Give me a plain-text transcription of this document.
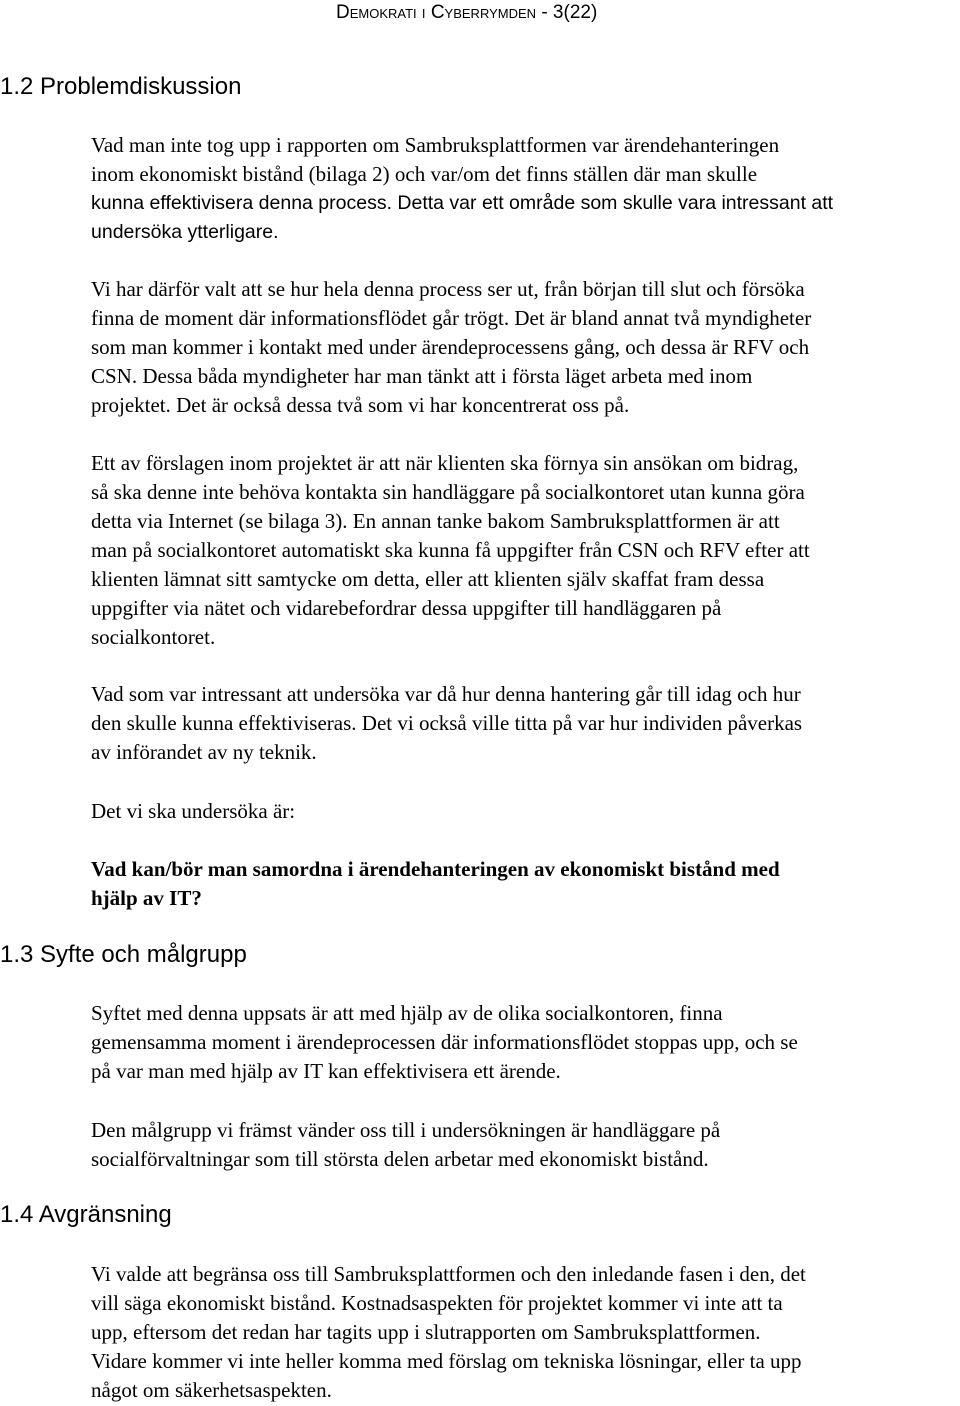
Demokrati i Cyberrymden - 3(22)
1.2 Problemdiskussion
Vad man inte tog upp i rapporten om Sambruksplattformen var ärendehanteringen
inom ekonomiskt bistånd (bilaga 2) och var/om det finns ställen där man skulle
kunna effektivisera denna process. Detta var ett område som skulle vara intressant att
undersöka ytterligare.
Vi har därför valt att se hur hela denna process ser ut, från början till slut och försöka
finna de moment där informationsflödet går trögt. Det är bland annat två myndigheter
som man kommer i kontakt med under ärendeprocessens gång, och dessa är RFV och
CSN. Dessa båda myndigheter har man tänkt att i första läget arbeta med inom
projektet. Det är också dessa två som vi har koncentrerat oss på.
Ett av förslagen inom projektet är att när klienten ska förnya sin ansökan om bidrag,
så ska denne inte behöva kontakta sin handläggare på socialkontoret utan kunna göra
detta via Internet (se bilaga 3). En annan tanke bakom Sambruksplattformen är att
man på socialkontoret automatiskt ska kunna få uppgifter från CSN och RFV efter att
klienten lämnat sitt samtycke om detta, eller att klienten själv skaffat fram dessa
uppgifter via nätet och vidarebefordrar dessa uppgifter till handläggaren på
socialkontoret.
Vad som var intressant att undersöka var då hur denna hantering går till idag och hur
den skulle kunna effektiviseras. Det vi också ville titta på var hur individen påverkas
av införandet av ny teknik.
Det vi ska undersöka är:
Vad kan/bör man samordna i ärendehanteringen av ekonomiskt bistånd med
hjälp av IT?
1.3 Syfte och målgrupp
Syftet med denna uppsats är att med hjälp av de olika socialkontoren, finna
gemensamma moment i ärendeprocessen där informationsflödet stoppas upp, och se
på var man med hjälp av IT kan effektivisera ett ärende.
Den målgrupp vi främst vänder oss till i undersökningen är handläggare på
socialförvaltningar som till största delen arbetar med ekonomiskt bistånd.
1.4 Avgränsning
Vi valde att begränsa oss till Sambruksplattformen och den inledande fasen i den, det
vill säga ekonomiskt bistånd. Kostnadsaspekten för projektet kommer vi inte att ta
upp, eftersom det redan har tagits upp i slutrapporten om Sambruksplattformen.
Vidare kommer vi inte heller komma med förslag om tekniska lösningar, eller ta upp
något om säkerhetsaspekten.
